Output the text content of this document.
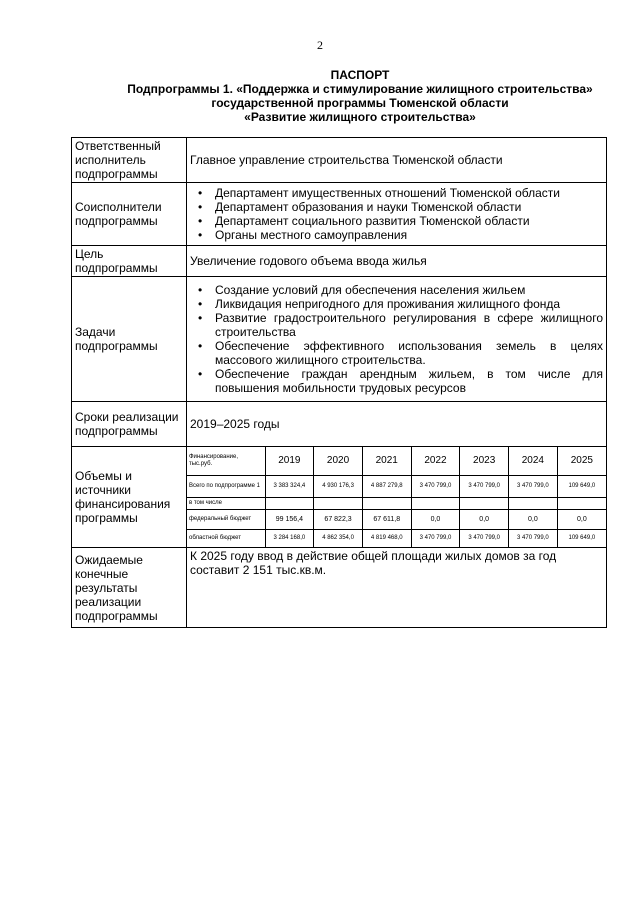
2
ПАСПОРТ
Подпрограммы 1. «Поддержка и стимулирование жилищного строительства»
государственной программы Тюменской области
«Развитие жилищного строительства»
Ответственный исполнитель подпрограммы	Главное управление строительства Тюменской области
Соисполнители подпрограммы	
• Департамент имущественных отношений Тюменской области
• Департамент образования и науки Тюменской области
• Департамент социального развития Тюменской области
• Органы местного самоуправления

Цель подпрограммы	Увеличение годового объема ввода жилья
Задачи подпрограммы	
• Создание условий для обеспечения населения жильем
• Ликвидация непригодного для проживания жилищного фонда
• Развитие градостроительного регулирования в сфере жилищного строительства
• Обеспечение эффективного использования земель в целях массового жилищного строительства.
• Обеспечение граждан арендным жильем, в том числе для повышения мобильности трудовых ресурсов

Сроки реализации подпрограммы	2019–2025 годы
Объемы и источники финансирования программы	
Финансирование, тыс.руб.	2019	2020	2021	2022	2023	2024	2025
Всего по подпрограмме 1	3 383 324,4	4 930 176,3	4 887 279,8	3 470 799,0	3 470 799,0	3 470 799,0	109 649,0
в том числе							
федеральный бюджет	99 156,4	67 822,3	67 611,8	0,0	0,0	0,0	0,0
областной бюджет	3 284 168,0	4 862 354,0	4 819 468,0	3 470 799,0	3 470 799,0	3 470 799,0	109 649,0

Ожидаемые конечные результаты реализации подпрограммы	К 2025 году ввод в действие общей площади жилых домов за год составит 2 151 тыс.кв.м.
